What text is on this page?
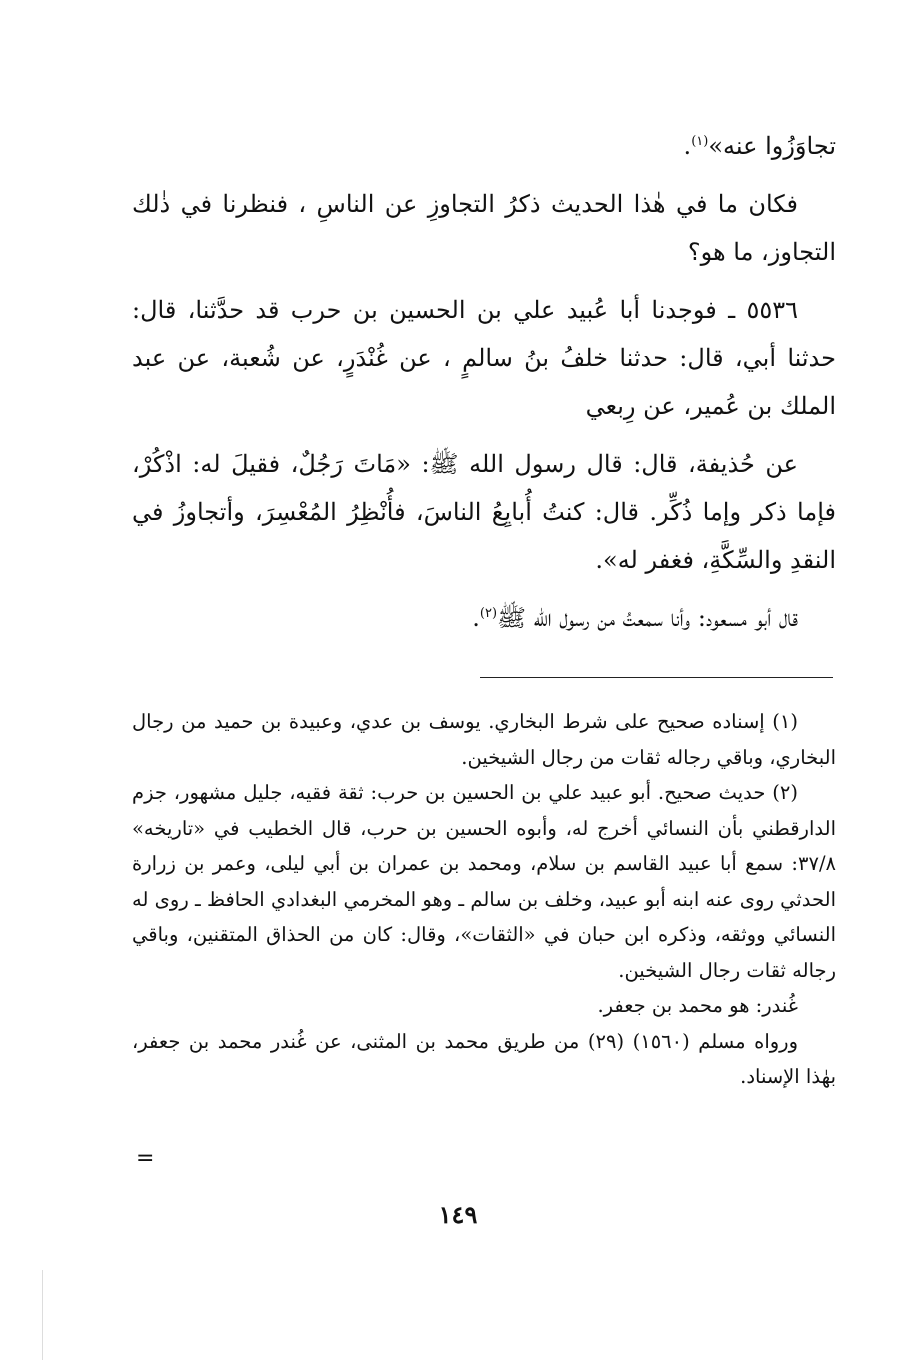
تجاوَزُوا عنه»$^{(١)}$.

فكان ما في هٰذا الحديث ذكرُ التجاوزِ عن الناسِ ، فنظرنا في ذٰلك التجاوز، ما هو؟

٥٥٣٦ ـ فوجدنا أبا عُبيد علي بن الحسين بن حرب قد حدَّثنا، قال: حدثنا أبي، قال: حدثنا خلفُ بنُ سالمٍ ، عن غُنْدَرٍ، عن شُعبة، عن عبد الملك بن عُمير، عن رِبعي

عن حُذيفة، قال: قال رسول الله ﷺ: «مَاتَ رَجُلٌ، فقيلَ له: اذْكُرْ، فإما ذكر وإما ذُكِّر. قال: كنتُ أُبايِعُ الناسَ، فأُنْظِرُ المُعْسِرَ، وأتجاوزُ في النقدِ والسِّكَّةِ، فغفر له».

قال أبو مسعود: وأنا سمعتُ من رسول الله ﷺ$^{(٢)}$.

(١) إسناده صحيح على شرط البخاري. يوسف بن عدي، وعبيدة بن حميد من رجال البخاري، وباقي رجاله ثقات من رجال الشيخين.

(٢) حديث صحيح. أبو عبيد علي بن الحسين بن حرب: ثقة فقيه، جليل مشهور، جزم الدارقطني بأن النسائي أخرج له، وأبوه الحسين بن حرب، قال الخطيب في «تاريخه» ٣٧/٨: سمع أبا عبيد القاسم بن سلام، ومحمد بن عمران بن أبي ليلى، وعمر بن زرارة الحدثي روى عنه ابنه أبو عبيد، وخلف بن سالم ـ وهو المخرمي البغدادي الحافظ ـ روى له النسائي ووثقه، وذكره ابن حبان في «الثقات»، وقال: كان من الحذاق المتقنين، وباقي رجاله ثقات رجال الشيخين.

غُندر: هو محمد بن جعفر.

ورواه مسلم (١٥٦٠) (٢٩) من طريق محمد بن المثنى، عن غُندر محمد بن جعفر، بهٰذا الإسناد.

=
١٤٩
